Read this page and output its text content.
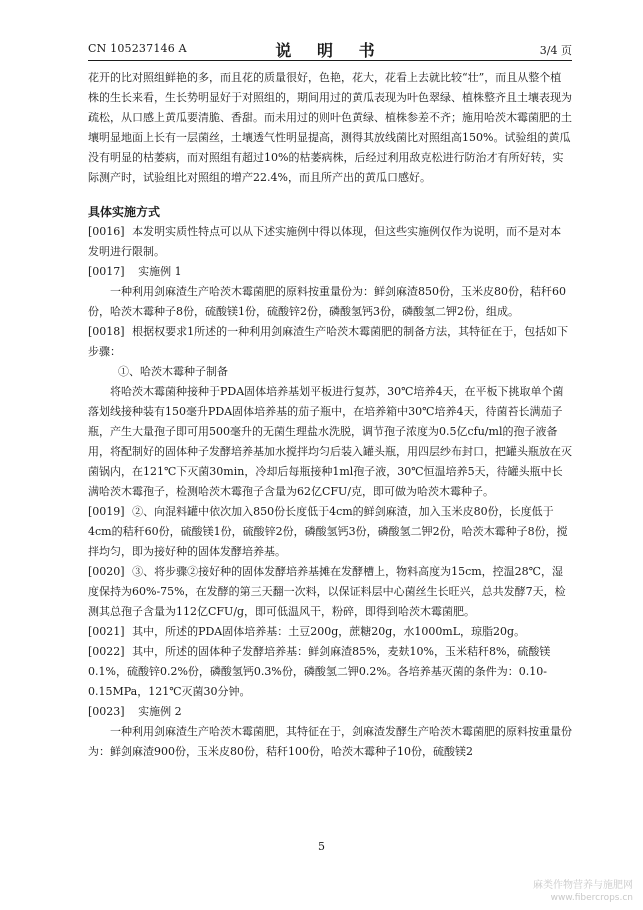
CN 105237146 A	说 明 书	3/4 页

花开的比对照组鲜艳的多，而且花的质量很好，色艳，花大，花看上去就比较“壮”，而且从整个植株的生长来看，生长势明显好于对照组的，期间用过的黄瓜表现为叶色翠绿、植株整齐且土壤表现为疏松，从口感上黄瓜要清脆、香甜。而未用过的则叶色黄绿、植株参差不齐；施用哈茨木霉菌肥的土壤明显地面上长有一层菌丝，土壤透气性明显提高，测得其放线菌比对照组高150%。试验组的黄瓜没有明显的枯萎病，而对照组有超过10%的枯萎病株，后经过利用敌克松进行防治才有所好转，实际测产时，试验组比对照组的增产22.4%，而且所产出的黄瓜口感好。

具体实施方式

[0016] 本发明实质性特点可以从下述实施例中得以体现，但这些实施例仅作为说明，而不是对本发明进行限制。

[0017] 实施例 1

一种利用剑麻渣生产哈茨木霉菌肥的原料按重量份为：鲜剑麻渣850份，玉米皮80份，秸秆60份，哈茨木霉种子8份，硫酸镁1份，硫酸锌2份，磷酸氢钙3份，磷酸氢二钾2份，组成。

[0018] 根据权要求1所述的一种利用剑麻渣生产哈茨木霉菌肥的制备方法，其特征在于，包括如下步骤：

①、哈茨木霉种子制备

将哈茨木霉菌种接种于PDA固体培养基划平板进行复苏，30℃培养4天，在平板下挑取单个菌落划线接种装有150毫升PDA固体培养基的茄子瓶中，在培养箱中30℃培养4天，待菌苔长满茄子瓶，产生大量孢子即可用500毫升的无菌生理盐水洗脱，调节孢子浓度为0.5亿cfu/ml的孢子液备用，将配制好的固体种子发酵培养基加水搅拌均匀后装入罐头瓶，用四层纱布封口，把罐头瓶放在灭菌锅内，在121℃下灭菌30min，冷却后每瓶接种1ml孢子液，30℃恒温培养5天，待罐头瓶中长满哈茨木霉孢子，检测哈茨木霉孢子含量为62亿CFU/克，即可做为哈茨木霉种子。

[0019] ②、向混料罐中依次加入850份长度低于4cm的鲜剑麻渣，加入玉米皮80份，长度低于4cm的秸秆60份，硫酸镁1份，硫酸锌2份，磷酸氢钙3份，磷酸氢二钾2份，哈茨木霉种子8份，搅拌均匀，即为接好种的固体发酵培养基。

[0020] ③、将步骤②接好种的固体发酵培养基摊在发酵槽上，物料高度为15cm，控温28℃，湿度保持为60%-75%，在发酵的第三天翻一次料，以保证料层中心菌丝生长旺兴，总共发酵7天，检测其总孢子含量为112亿CFU/g，即可低温风干，粉碎，即得到哈茨木霉菌肥。

[0021] 其中，所述的PDA固体培养基：土豆200g，蔗糖20g，水1000mL，琼脂20g。

[0022] 其中，所述的固体种子发酵培养基：鲜剑麻渣85%，麦麸10%，玉米秸秆8%，硫酸镁0.1%，硫酸锌0.2%份，磷酸氢钙0.3%份，磷酸氢二钾0.2%。各培养基灭菌的条件为：0.10-0.15MPa，121℃灭菌30分钟。

[0023] 实施例 2

一种利用剑麻渣生产哈茨木霉菌肥，其特征在于，剑麻渣发酵生产哈茨木霉菌肥的原料按重量份为：鲜剑麻渣900份，玉米皮80份，秸秆100份，哈茨木霉种子10份，硫酸镁2

5
麻类作物营养与施肥网
www.fibercrops.cn
